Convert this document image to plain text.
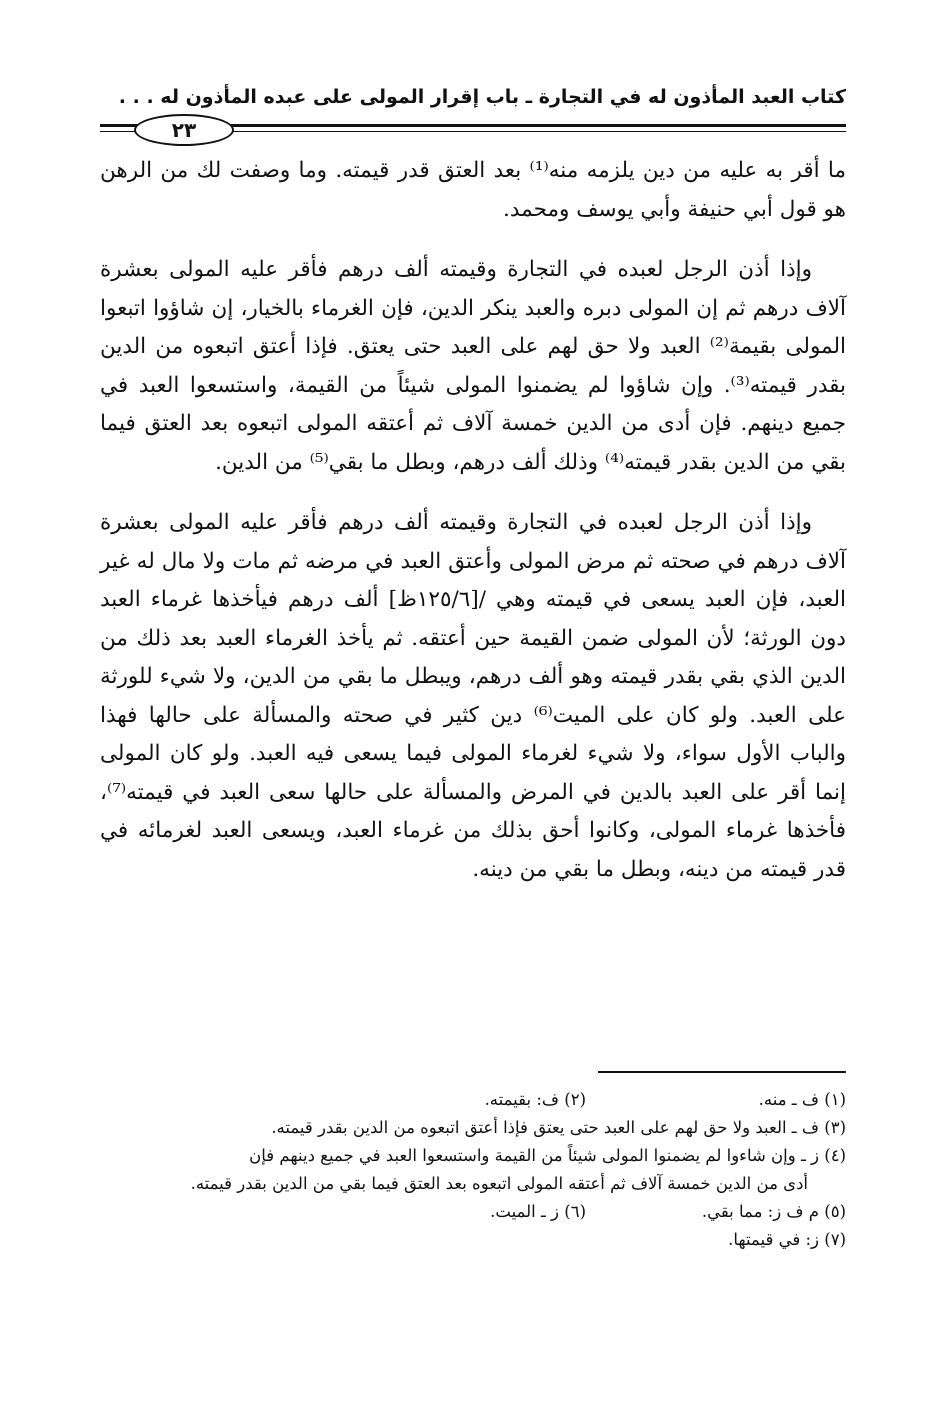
كتاب العبد المأذون له في التجارة ـ باب إقرار المولى على عبده المأذون له . . .
٢٣

ما أقر به عليه من دين يلزمه منه⁽¹⁾ بعد العتق قدر قيمته. وما وصفت لك من الرهن هو قول أبي حنيفة وأبي يوسف ومحمد.

وإذا أذن الرجل لعبده في التجارة وقيمته ألف درهم فأقر عليه المولى بعشرة آلاف درهم ثم إن المولى دبره والعبد ينكر الدين، فإن الغرماء بالخيار، إن شاؤوا اتبعوا المولى بقيمة⁽²⁾ العبد ولا حق لهم على العبد حتى يعتق. فإذا أعتق اتبعوه من الدين بقدر قيمته⁽³⁾. وإن شاؤوا لم يضمنوا المولى شيئاً من القيمة، واستسعوا العبد في جميع دينهم. فإن أدى من الدين خمسة آلاف ثم أعتقه المولى اتبعوه بعد العتق فيما بقي من الدين بقدر قيمته⁽⁴⁾ وذلك ألف درهم، وبطل ما بقي⁽⁵⁾ من الدين.

وإذا أذن الرجل لعبده في التجارة وقيمته ألف درهم فأقر عليه المولى بعشرة آلاف درهم في صحته ثم مرض المولى وأعتق العبد في مرضه ثم مات ولا مال له غير العبد، فإن العبد يسعى في قيمته وهي /[١٢٥/٦ظ] ألف درهم فيأخذها غرماء العبد دون الورثة؛ لأن المولى ضمن القيمة حين أعتقه. ثم يأخذ الغرماء العبد بعد ذلك من الدين الذي بقي بقدر قيمته وهو ألف درهم، ويبطل ما بقي من الدين، ولا شيء للورثة على العبد. ولو كان على الميت⁽⁶⁾ دين كثير في صحته والمسألة على حالها فهذا والباب الأول سواء، ولا شيء لغرماء المولى فيما يسعى فيه العبد. ولو كان المولى إنما أقر على العبد بالدين في المرض والمسألة على حالها سعى العبد في قيمته⁽⁷⁾، فأخذها غرماء المولى، وكانوا أحق بذلك من غرماء العبد، ويسعى العبد لغرمائه في قدر قيمته من دينه، وبطل ما بقي من دينه.

(١) ف ـ منه.
(٢) ف: بقيمته.
(٣) ف ـ العبد ولا حق لهم على العبد حتى يعتق فإذا أعتق اتبعوه من الدين بقدر قيمته.
(٤) ز ـ وإن شاءوا لم يضمنوا المولى شيئاً من القيمة واستسعوا العبد في جميع دينهم فإن
أدى من الدين خمسة آلاف ثم أعتقه المولى اتبعوه بعد العتق فيما بقي من الدين بقدر قيمته.
(٥) م ف ز: مما بقي.
(٦) ز ـ الميت.
(٧) ز: في قيمتها.
